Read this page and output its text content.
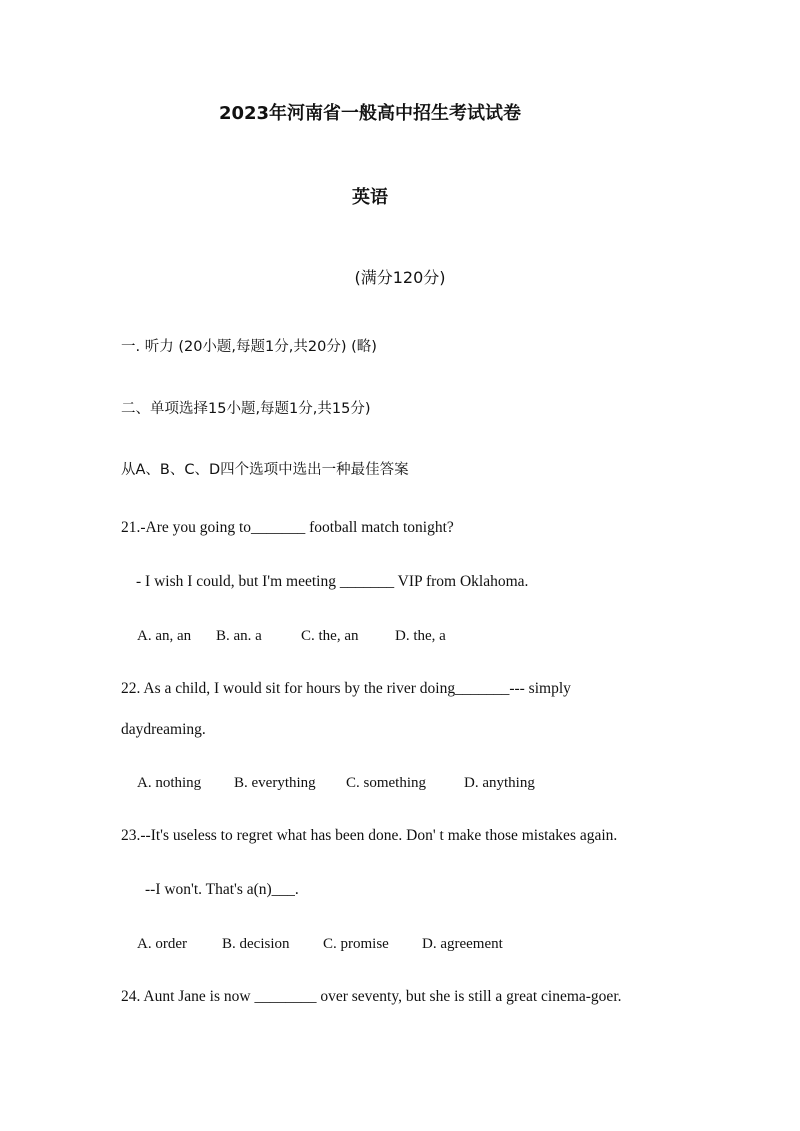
2023年河南省一般高中招生考试试卷
英语
(满分120分)
一. 听力 (20小题,每题1分,共20分) (略)
二、单项选择15小题,每题1分,共15分)
从A、B、C、D四个选项中选出一种最佳答案
21.-Are you going to_______ football match tonight?
- I wish I could, but I'm meeting _______ VIP from Oklahoma.
A. an, an B. an. a	C. the, an D. the, a
22. As a child, I would sit for hours by the river doing_______--- simply
daydreaming.
A. nothing B. everything C. something	D. anything
23.--It's useless to regret what has been done. Don' t make those mistakes again.
--I won't. That's a(n)___.
A. order B. decision C. promise D. agreement
24. Aunt Jane is now ________ over seventy, but she is still a great cinema-goer.
